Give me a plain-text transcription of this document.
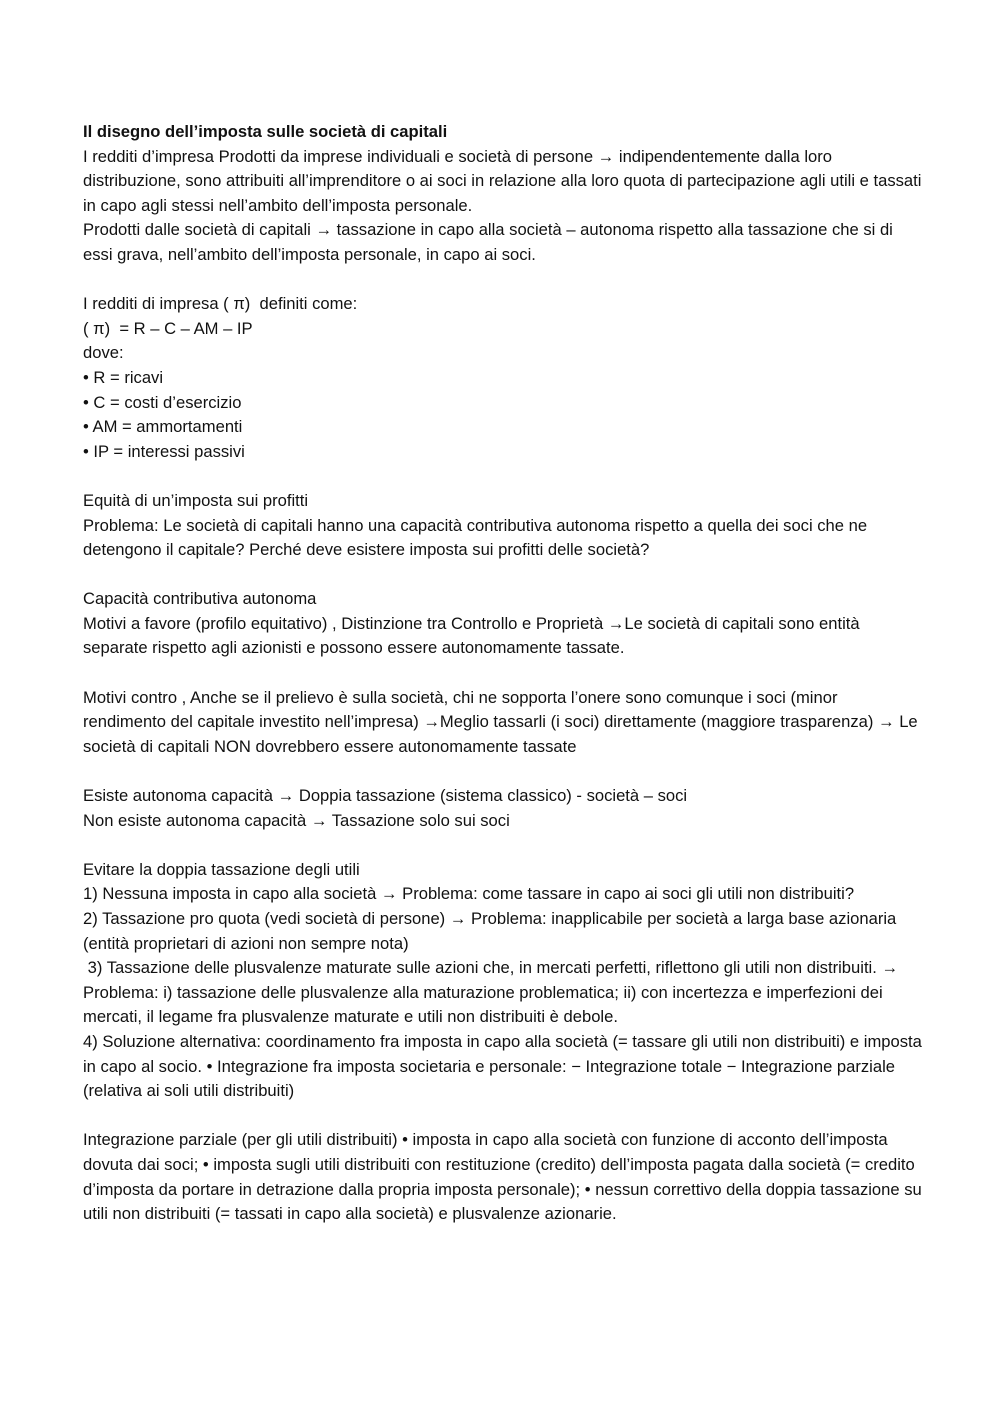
Il disegno dell’imposta sulle società di capitali

I redditi d’impresa Prodotti da imprese individuali e società di persone → indipendentemente dalla loro distribuzione, sono attribuiti all’imprenditore o ai soci in relazione alla loro quota di partecipazione agli utili e tassati in capo agli stessi nell’ambito dell’imposta personale.

Prodotti dalle società di capitali → tassazione in capo alla società – autonoma rispetto alla tassazione che si di essi grava, nell’ambito dell’imposta personale, in capo ai soci.

I redditi di impresa ( π)  definiti come:

( π)  = R – C – AM – IP

dove:

• R = ricavi

• C = costi d’esercizio

• AM = ammortamenti

• IP = interessi passivi

Equità di un’imposta sui profitti

Problema: Le società di capitali hanno una capacità contributiva autonoma rispetto a quella dei soci che ne detengono il capitale? Perché deve esistere imposta sui profitti delle società?

Capacità contributiva autonoma

Motivi a favore (profilo equitativo) , Distinzione tra Controllo e Proprietà →Le società di capitali sono entità separate rispetto agli azionisti e possono essere autonomamente tassate.

Motivi contro , Anche se il prelievo è sulla società, chi ne sopporta l’onere sono comunque i soci (minor rendimento del capitale investito nell’impresa) →Meglio tassarli (i soci) direttamente (maggiore trasparenza) → Le società di capitali NON dovrebbero essere autonomamente tassate

Esiste autonoma capacità → Doppia tassazione (sistema classico) - società – soci

Non esiste autonoma capacità → Tassazione solo sui soci

Evitare la doppia tassazione degli utili

1) Nessuna imposta in capo alla società → Problema: come tassare in capo ai soci gli utili non distribuiti?

2) Tassazione pro quota (vedi società di persone) → Problema: inapplicabile per società a larga base azionaria (entità proprietari di azioni non sempre nota)

3) Tassazione delle plusvalenze maturate sulle azioni che, in mercati perfetti, riflettono gli utili non distribuiti. → Problema: i) tassazione delle plusvalenze alla maturazione problematica; ii) con incertezza e imperfezioni dei mercati, il legame fra plusvalenze maturate e utili non distribuiti è debole.

4) Soluzione alternativa: coordinamento fra imposta in capo alla società (= tassare gli utili non distribuiti) e imposta in capo al socio. • Integrazione fra imposta societaria e personale: − Integrazione totale − Integrazione parziale (relativa ai soli utili distribuiti)

Integrazione parziale (per gli utili distribuiti) • imposta in capo alla società con funzione di acconto dell’imposta dovuta dai soci; • imposta sugli utili distribuiti con restituzione (credito) dell’imposta pagata dalla società (= credito d’imposta da portare in detrazione dalla propria imposta personale); • nessun correttivo della doppia tassazione su utili non distribuiti (= tassati in capo alla società) e plusvalenze azionarie.
